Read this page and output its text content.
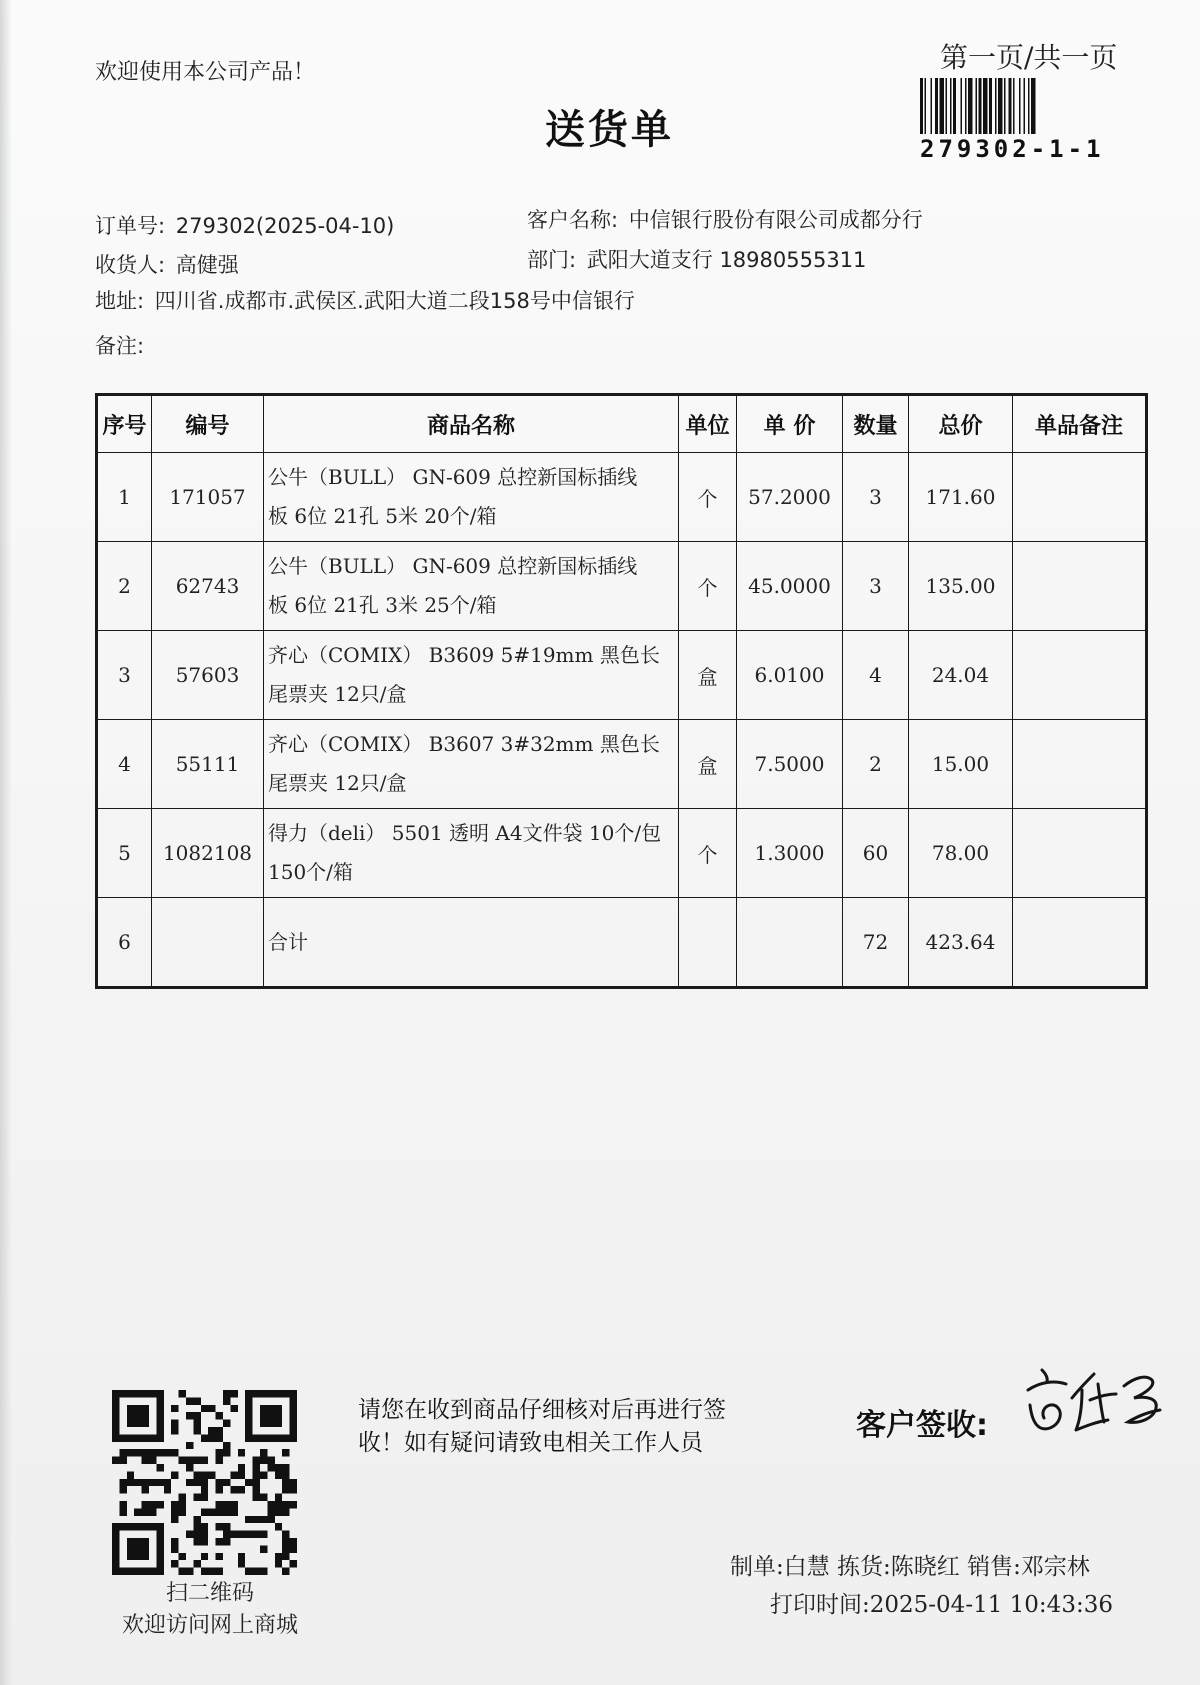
欢迎使用本公司产品！
送货单
第一页/共一页
279302-1-1
订单号: 279302(2025-04-10)	客户名称: 中信银行股份有限公司成都分行
收货人: 高健强	部门: 武阳大道支行 18980555311
地址: 四川省.成都市.武侯区.武阳大道二段158号中信银行
备注:
序号	编号	商品名称	单位	单 价	数量	总价	单品备注
1	171057	公牛（BULL） GN-609 总控新国标插线
板 6位 21孔 5米 20个/箱	个	57.2000	3	171.60	
2	62743	公牛（BULL） GN-609 总控新国标插线
板 6位 21孔 3米 25个/箱	个	45.0000	3	135.00	
3	57603	齐心（COMIX） B3609 5#19mm 黑色长
尾票夹 12只/盒	盒	6.0100	4	24.04	
4	55111	齐心（COMIX） B3607 3#32mm 黑色长
尾票夹 12只/盒	盒	7.5000	2	15.00	
5	1082108	得力（deli） 5501 透明 A4文件袋 10个/包
150个/箱	个	1.3000	60	78.00	
6		合计			72	423.64	
扫二维码
欢迎访问网上商城
请您在收到商品仔细核对后再进行签
收！如有疑问请致电相关工作人员	客户签收:
制单:白慧 拣货:陈晓红 销售:邓宗林
打印时间:2025-04-11 10:43:36
